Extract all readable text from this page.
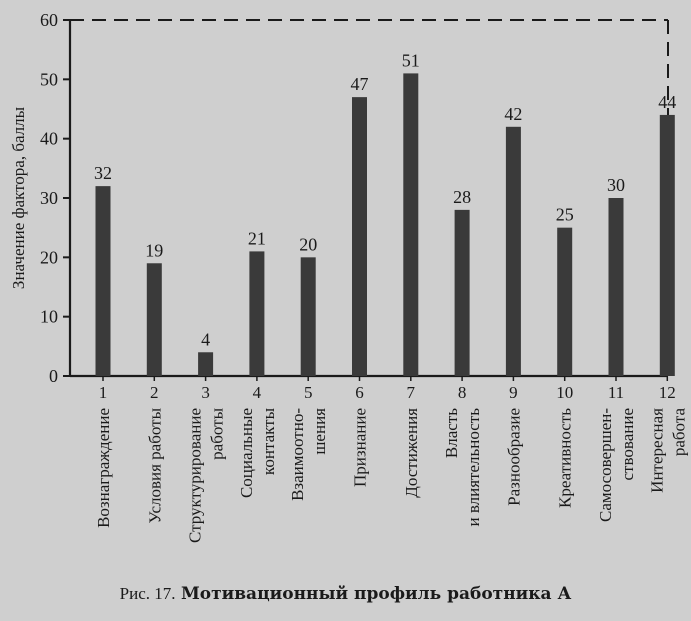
0
10
20
30
40
50
60
Значение фактора, баллы	32
1
Вознаграждение
19
2
Условия работы
4
3
Структурирование работы
21
4
Социальные контакты
20
5
Взаимоотно- шения
47
6
Признание
51
7
Достижения
28
8
Власть и влиятельность
42
9
Разнообразие
25
10
Креативность
30
11
Самосовершен- ствование
44
12
Интересная работа
Рис. 17. Мотивационный профиль работника А
